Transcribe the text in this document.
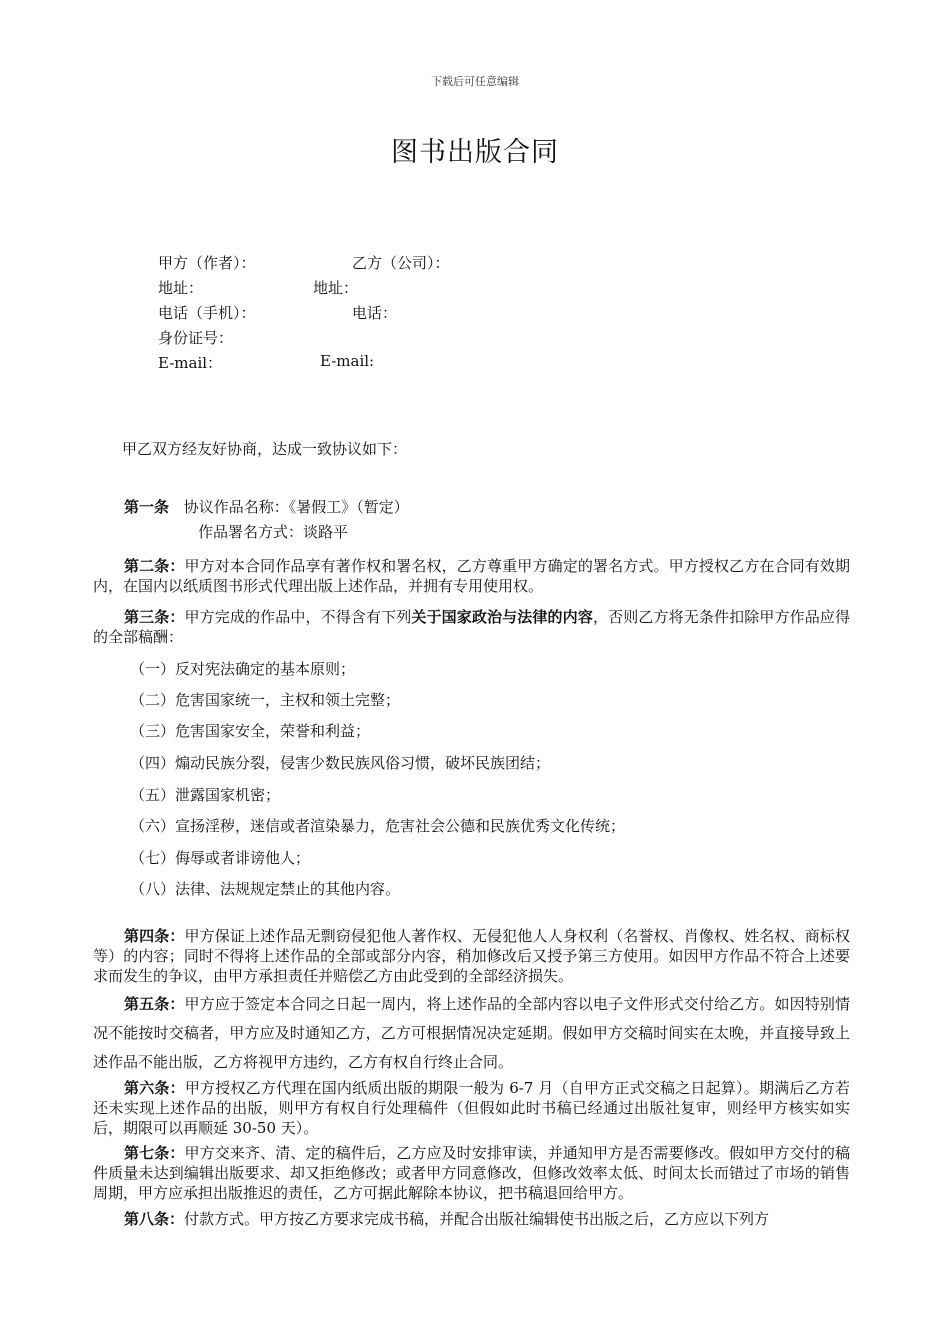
下载后可任意编辑
图书出版合同
甲方（作者）：	乙方（公司）：
地址：	地址：
电话（手机）：	电话：
身份证号：
E-mail：	E-mail:
甲乙双方经友好协商，达成一致协议如下：
第一条 协议作品名称：《暑假工》（暂定）
作品署名方式：谈路平
第二条：甲方对本合同作品享有著作权和署名权，乙方尊重甲方确定的署名方式。甲方授权乙方在合同有效期内，在国内以纸质图书形式代理出版上述作品，并拥有专用使用权。
第三条：甲方完成的作品中，不得含有下列关于国家政治与法律的内容，否则乙方将无条件扣除甲方作品应得的全部稿酬：
（一）反对宪法确定的基本原则；
（二）危害国家统一，主权和领土完整；
（三）危害国家安全，荣誉和利益；
（四）煽动民族分裂，侵害少数民族风俗习惯，破坏民族团结；
（五）泄露国家机密；
（六）宣扬淫秽，迷信或者渲染暴力，危害社会公德和民族优秀文化传统；
（七）侮辱或者诽谤他人；
（八）法律、法规规定禁止的其他内容。
第四条：甲方保证上述作品无剽窃侵犯他人著作权、无侵犯他人人身权利（名誉权、肖像权、姓名权、商标权等）的内容；同时不得将上述作品的全部或部分内容，稍加修改后又授予第三方使用。如因甲方作品不符合上述要求而发生的争议，由甲方承担责任并赔偿乙方由此受到的全部经济损失。
第五条：甲方应于签定本合同之日起一周内，将上述作品的全部内容以电子文件形式交付给乙方。如因特别情况不能按时交稿者，甲方应及时通知乙方，乙方可根据情况决定延期。假如甲方交稿时间实在太晚，并直接导致上述作品不能出版，乙方将视甲方违约，乙方有权自行终止合同。
第六条：甲方授权乙方代理在国内纸质出版的期限一般为 6-7 月（自甲方正式交稿之日起算）。期满后乙方若还未实现上述作品的出版，则甲方有权自行处理稿件（但假如此时书稿已经通过出版社复审，则经甲方核实如实后，期限可以再顺延 30-50 天）。
第七条：甲方交来齐、清、定的稿件后，乙方应及时安排审读，并通知甲方是否需要修改。假如甲方交付的稿件质量未达到编辑出版要求、却又拒绝修改；或者甲方同意修改，但修改效率太低、时间太长而错过了市场的销售周期，甲方应承担出版推迟的责任，乙方可据此解除本协议，把书稿退回给甲方。
第八条：付款方式。甲方按乙方要求完成书稿，并配合出版社编辑使书出版之后，乙方应以下列方
